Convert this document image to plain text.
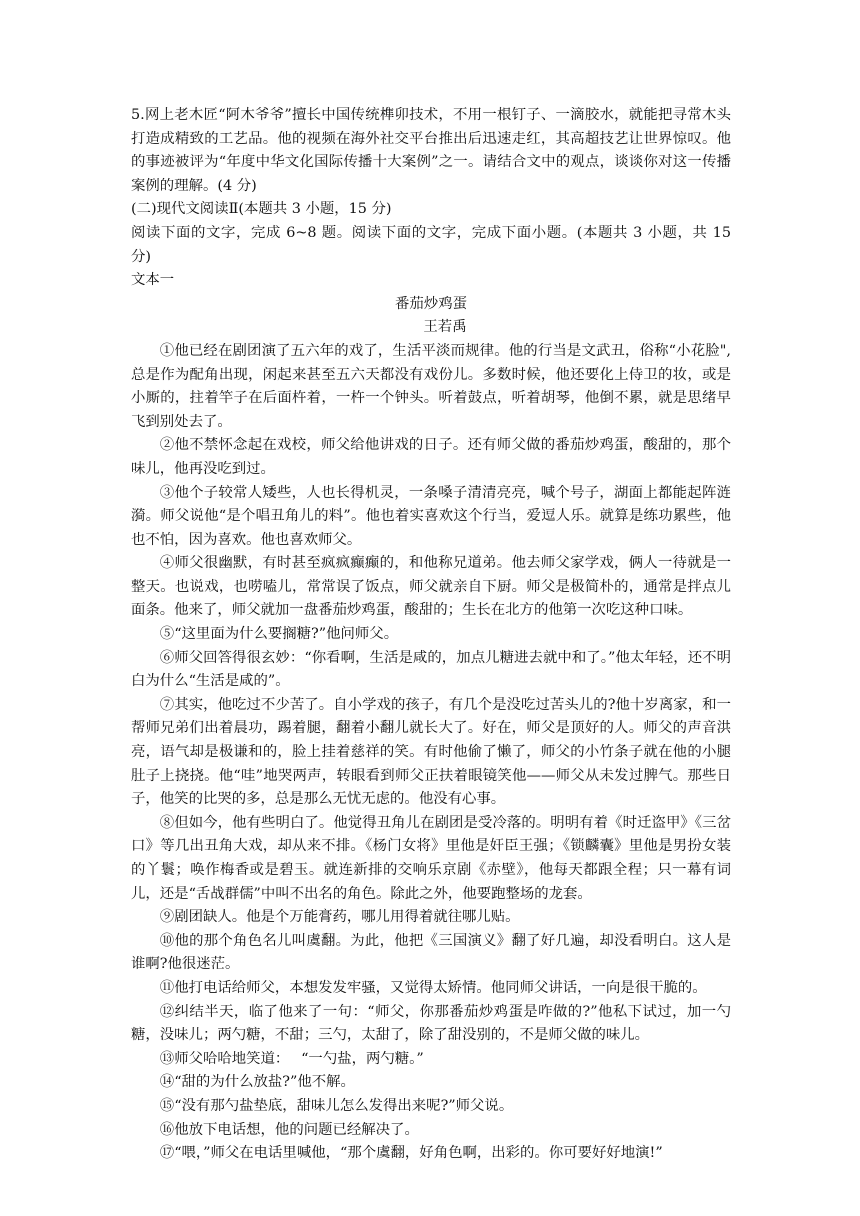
5.网上老木匠“阿木爷爷”擅长中国传统榫卯技术，不用一根钉子、一滴胶水，就能把寻常木头打造成精致的工艺品。他的视频在海外社交平台推出后迅速走红，其高超技艺让世界惊叹。他的事迹被评为“年度中华文化国际传播十大案例”之一。请结合文中的观点，谈谈你对这一传播案例的理解。(4 分)

(二)现代文阅读Ⅱ(本题共 3 小题，15 分)

阅读下面的文字，完成 6~8 题。阅读下面的文字，完成下面小题。(本题共 3 小题，共 15 分)

文本一

番茄炒鸡蛋

王若禹

①他已经在剧团演了五六年的戏了，生活平淡而规律。他的行当是文武丑，俗称“小花脸",总是作为配角出现，闲起来甚至五六天都没有戏份儿。多数时候，他还要化上侍卫的妆，或是小厮的，拄着竿子在后面杵着，一杵一个钟头。听着鼓点，听着胡琴，他倒不累，就是思绪早飞到别处去了。

②他不禁怀念起在戏校，师父给他讲戏的日子。还有师父做的番茄炒鸡蛋，酸甜的，那个味儿，他再没吃到过。

③他个子较常人矮些，人也长得机灵，一条嗓子清清亮亮，喊个号子，湖面上都能起阵涟漪。师父说他“是个唱丑角儿的料”。他也着实喜欢这个行当，爱逗人乐。就算是练功累些，他也不怕，因为喜欢。他也喜欢师父。

④师父很幽默，有时甚至疯疯癫癫的，和他称兄道弟。他去师父家学戏，俩人一待就是一整天。也说戏，也唠嗑儿，常常误了饭点，师父就亲自下厨。师父是极简朴的，通常是拌点儿面条。他来了，师父就加一盘番茄炒鸡蛋，酸甜的；生长在北方的他第一次吃这种口味。

⑤“这里面为什么要搁糖?”他问师父。

⑥师父回答得很玄妙：“你看啊，生活是咸的，加点儿糖进去就中和了。”他太年轻，还不明白为什么“生活是咸的”。

⑦其实，他吃过不少苦了。自小学戏的孩子，有几个是没吃过苦头儿的?他十岁离家，和一帮师兄弟们出着晨功，踢着腿，翻着小翻儿就长大了。好在，师父是顶好的人。师父的声音洪亮，语气却是极谦和的，脸上挂着慈祥的笑。有时他偷了懒了，师父的小竹条子就在他的小腿肚子上挠挠。他“哇”地哭两声，转眼看到师父正扶着眼镜笑他——师父从未发过脾气。那些日子，他笑的比哭的多，总是那么无忧无虑的。他没有心事。

⑧但如今，他有些明白了。他觉得丑角儿在剧团是受冷落的。明明有着《时迁盗甲》《三岔口》等几出丑角大戏，却从来不排。《杨门女将》里他是奸臣王强；《锁麟囊》里他是男扮女装的丫鬟；唤作梅香或是碧玉。就连新排的交响乐京剧《赤壁》，他每天都跟全程；只一幕有词儿，还是“舌战群儒”中叫不出名的角色。除此之外，他要跑整场的龙套。

⑨剧团缺人。他是个万能膏药，哪儿用得着就往哪儿贴。

⑩他的那个角色名儿叫虞翻。为此，他把《三国演义》翻了好几遍，却没看明白。这人是谁啊?他很迷茫。

⑪他打电话给师父，本想发发牢骚，又觉得太矫情。他同师父讲话，一向是很干脆的。

⑫纠结半天，临了他来了一句：“师父，你那番茄炒鸡蛋是咋做的?”他私下试过，加一勺糖，没味儿；两勺糖，不甜；三勺，太甜了，除了甜没别的，不是师父做的味儿。

⑬师父哈哈地笑道：　 “一勺盐，两勺糖。”

⑭“甜的为什么放盐?”他不解。

⑮“没有那勺盐垫底，甜味儿怎么发得出来呢?”师父说。

⑯他放下电话想，他的问题已经解决了。

⑰“喂，”师父在电话里喊他，“那个虞翻，好角色啊，出彩的。你可要好好地演!”
